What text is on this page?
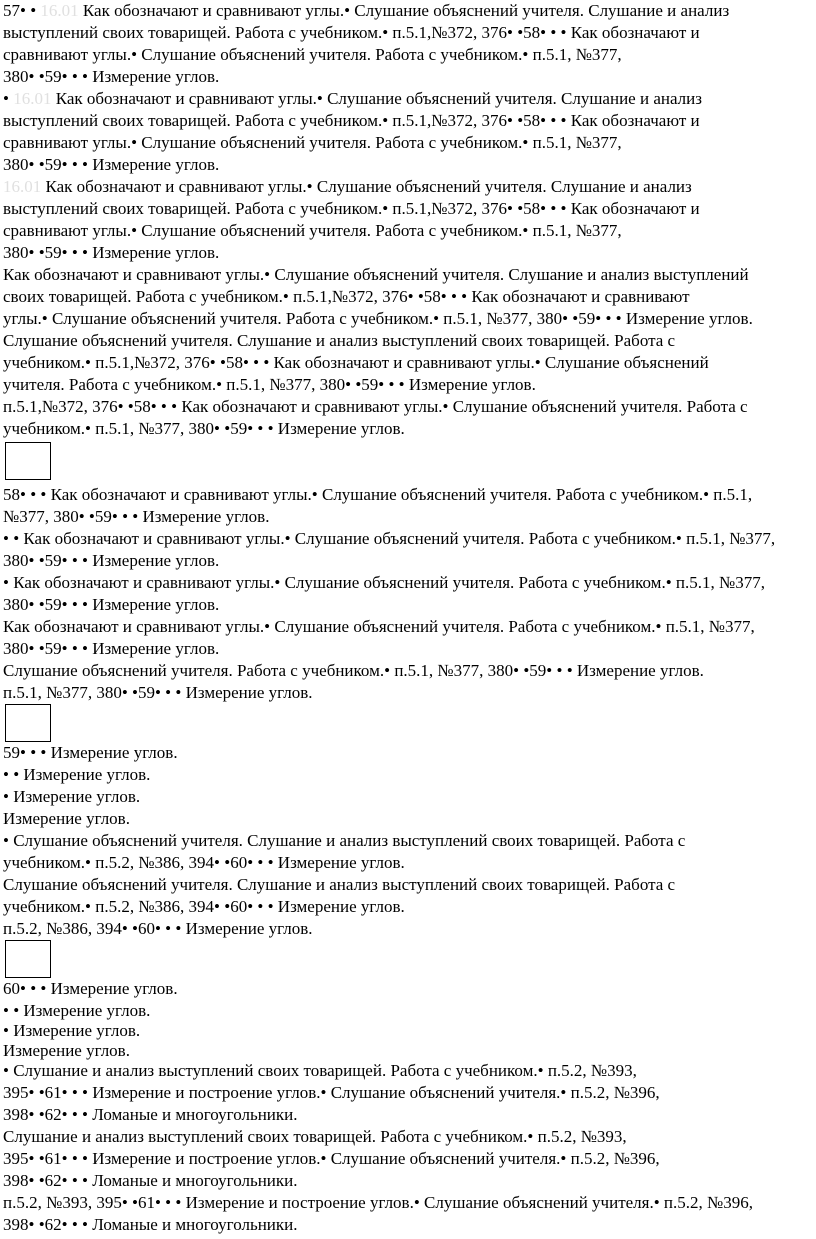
57• • 16.01 Как обозначают и сравнивают углы.• Слушание объяснений учителя. Слушание и анализ
выступлений своих товарищей. Работа с учебником.• п.5.1,№372, 376• •58• • • Как обозначают и
сравнивают углы.• Слушание объяснений учителя. Работа с учебником.• п.5.1, №377,
380• •59• • • Измерение углов.
• 16.01 Как обозначают и сравнивают углы.• Слушание объяснений учителя. Слушание и анализ
выступлений своих товарищей. Работа с учебником.• п.5.1,№372, 376• •58• • • Как обозначают и
сравнивают углы.• Слушание объяснений учителя. Работа с учебником.• п.5.1, №377,
380• •59• • • Измерение углов.
16.01 Как обозначают и сравнивают углы.• Слушание объяснений учителя. Слушание и анализ
выступлений своих товарищей. Работа с учебником.• п.5.1,№372, 376• •58• • • Как обозначают и
сравнивают углы.• Слушание объяснений учителя. Работа с учебником.• п.5.1, №377,
380• •59• • • Измерение углов.
Как обозначают и сравнивают углы.• Слушание объяснений учителя. Слушание и анализ выступлений
своих товарищей. Работа с учебником.• п.5.1,№372, 376• •58• • • Как обозначают и сравнивают
углы.• Слушание объяснений учителя. Работа с учебником.• п.5.1, №377, 380• •59• • • Измерение углов.
Слушание объяснений учителя. Слушание и анализ выступлений своих товарищей. Работа с
учебником.• п.5.1,№372, 376• •58• • • Как обозначают и сравнивают углы.• Слушание объяснений
учителя. Работа с учебником.• п.5.1, №377, 380• •59• • • Измерение углов.
п.5.1,№372, 376• •58• • • Как обозначают и сравнивают углы.• Слушание объяснений учителя. Работа с
учебником.• п.5.1, №377, 380• •59• • • Измерение углов.
58• • • Как обозначают и сравнивают углы.• Слушание объяснений учителя. Работа с учебником.• п.5.1,
№377, 380• •59• • • Измерение углов.
• • Как обозначают и сравнивают углы.• Слушание объяснений учителя. Работа с учебником.• п.5.1, №377,
380• •59• • • Измерение углов.
• Как обозначают и сравнивают углы.• Слушание объяснений учителя. Работа с учебником.• п.5.1, №377,
380• •59• • • Измерение углов.
Как обозначают и сравнивают углы.• Слушание объяснений учителя. Работа с учебником.• п.5.1, №377,
380• •59• • • Измерение углов.
Слушание объяснений учителя. Работа с учебником.• п.5.1, №377, 380• •59• • • Измерение углов.
п.5.1, №377, 380• •59• • • Измерение углов.
59• • • Измерение углов.
• • Измерение углов.
• Измерение углов.
Измерение углов.
• Слушание объяснений учителя. Слушание и анализ выступлений своих товарищей. Работа с
учебником.• п.5.2, №386, 394• •60• • • Измерение углов.
Слушание объяснений учителя. Слушание и анализ выступлений своих товарищей. Работа с
учебником.• п.5.2, №386, 394• •60• • • Измерение углов.
п.5.2, №386, 394• •60• • • Измерение углов.
60• • • Измерение углов.
• • Измерение углов.
• Измерение углов.
Измерение углов.
• Слушание и анализ выступлений своих товарищей. Работа с учебником.• п.5.2, №393,
395• •61• • • Измерение и построение углов.• Слушание объяснений учителя.• п.5.2, №396,
398• •62• • • Ломаные и многоугольники.
Слушание и анализ выступлений своих товарищей. Работа с учебником.• п.5.2, №393,
395• •61• • • Измерение и построение углов.• Слушание объяснений учителя.• п.5.2, №396,
398• •62• • • Ломаные и многоугольники.
п.5.2, №393, 395• •61• • • Измерение и построение углов.• Слушание объяснений учителя.• п.5.2, №396,
398• •62• • • Ломаные и многоугольники.
